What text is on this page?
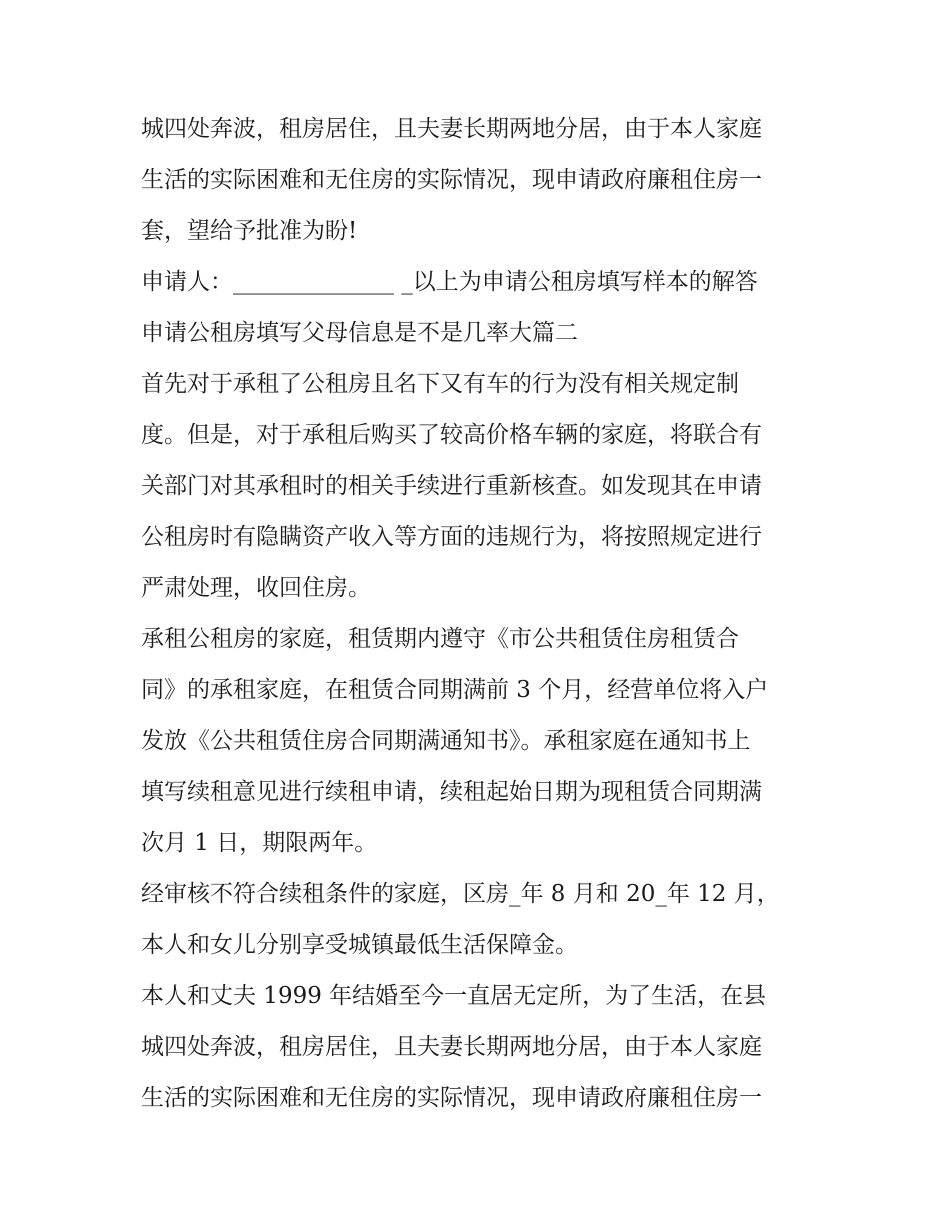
城四处奔波，租房居住，且夫妻长期两地分居，由于本人家庭
生活的实际困难和无住房的实际情况，现申请政府廉租住房一
套，望给予批准为盼!
申请人：______________ _以上为申请公租房填写样本的解答
申请公租房填写父母信息是不是几率大篇二
首先对于承租了公租房且名下又有车的行为没有相关规定制
度。但是，对于承租后购买了较高价格车辆的家庭，将联合有
关部门对其承租时的相关手续进行重新核查。如发现其在申请
公租房时有隐瞒资产收入等方面的违规行为，将按照规定进行
严肃处理，收回住房。
承租公租房的家庭，租赁期内遵守《市公共租赁住房租赁合
同》的承租家庭，在租赁合同期满前 3 个月，经营单位将入户
发放《公共租赁住房合同期满通知书》。承租家庭在通知书上
填写续租意见进行续租申请，续租起始日期为现租赁合同期满
次月 1 日，期限两年。
经审核不符合续租条件的家庭，区房_年 8 月和 20_年 12 月，
本人和女儿分别享受城镇最低生活保障金。
本人和丈夫 1999 年结婚至今一直居无定所，为了生活，在县
城四处奔波，租房居住，且夫妻长期两地分居，由于本人家庭
生活的实际困难和无住房的实际情况，现申请政府廉租住房一
